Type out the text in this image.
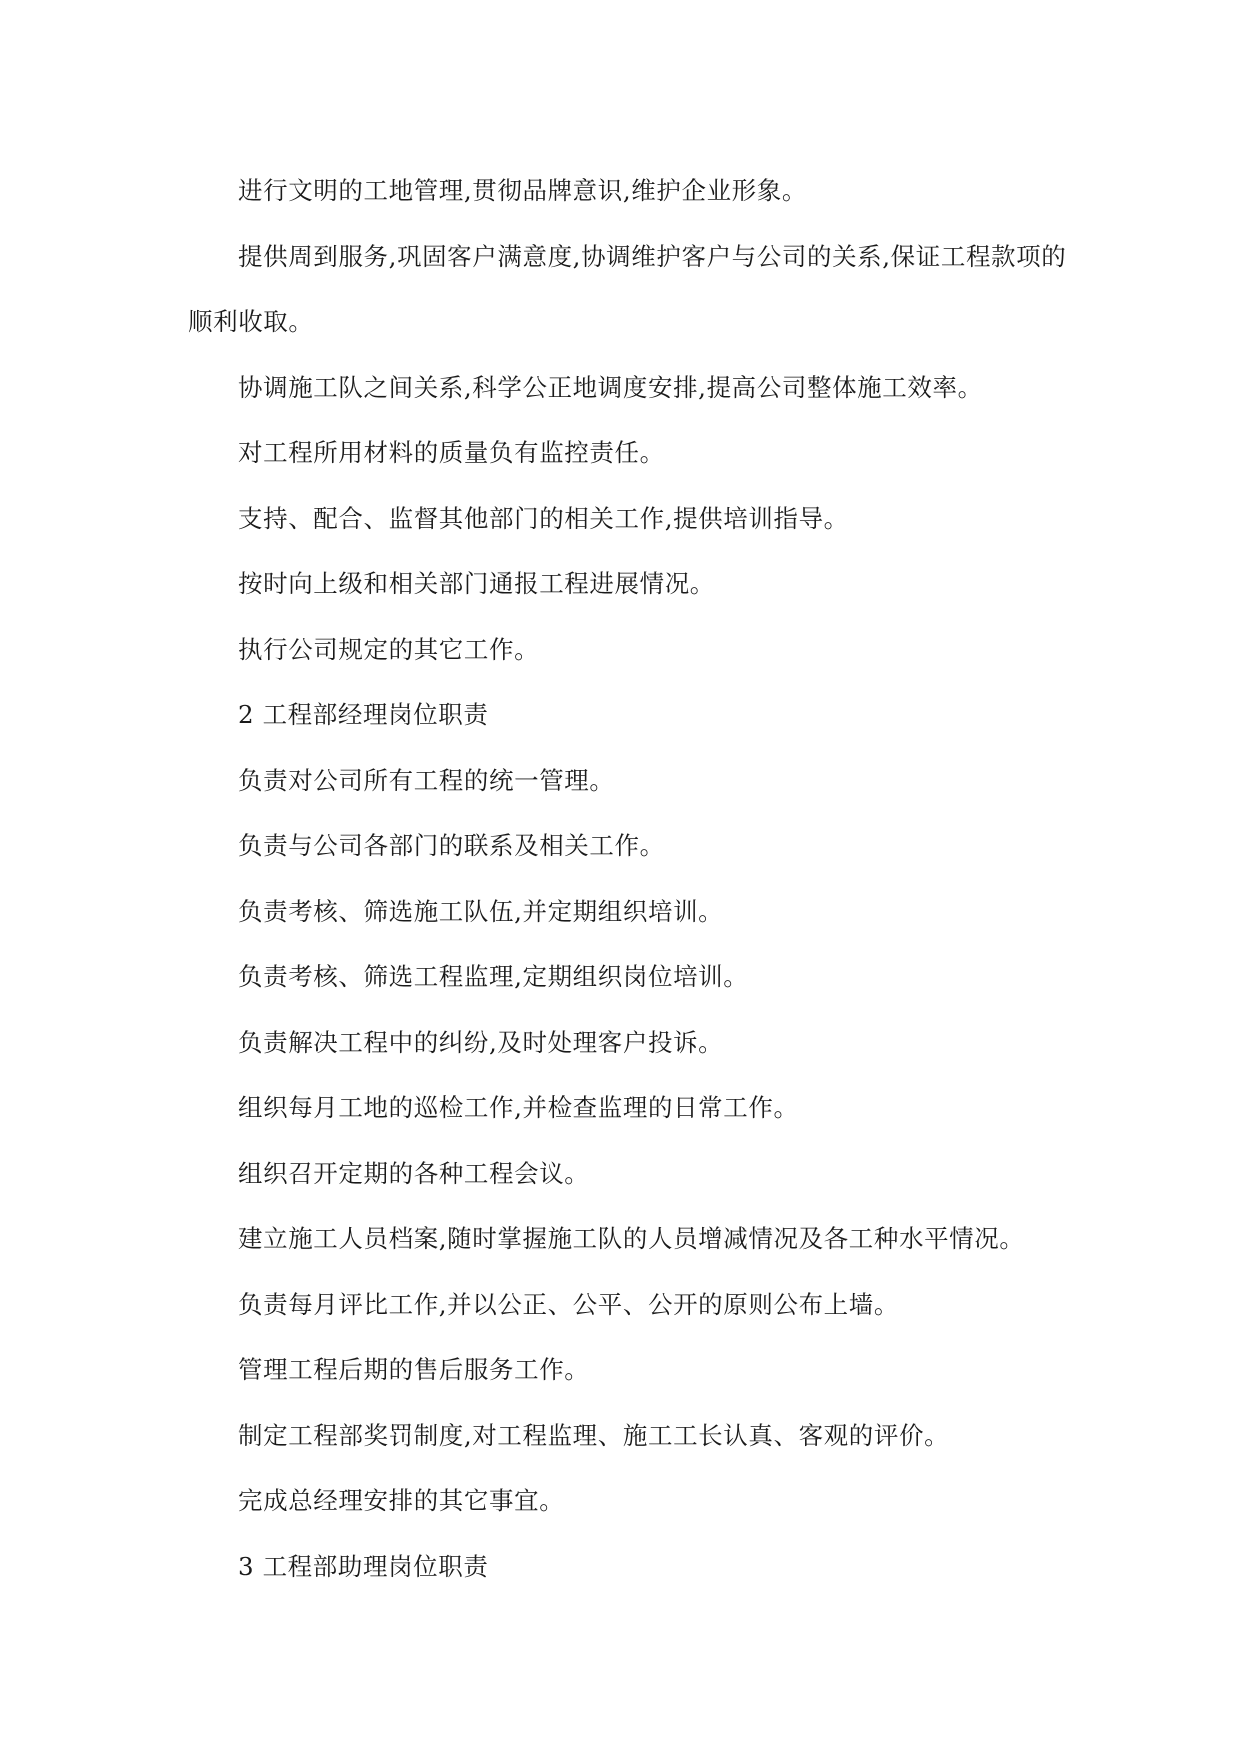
进行文明的工地管理,贯彻品牌意识,维护企业形象。

提供周到服务,巩固客户满意度,协调维护客户与公司的关系,保证工程款项的顺利收取。

协调施工队之间关系,科学公正地调度安排,提高公司整体施工效率。

对工程所用材料的质量负有监控责任。

支持、配合、监督其他部门的相关工作,提供培训指导。

按时向上级和相关部门通报工程进展情况。

执行公司规定的其它工作。

2 工程部经理岗位职责

负责对公司所有工程的统一管理。

负责与公司各部门的联系及相关工作。

负责考核、筛选施工队伍,并定期组织培训。

负责考核、筛选工程监理,定期组织岗位培训。

负责解决工程中的纠纷,及时处理客户投诉。

组织每月工地的巡检工作,并检查监理的日常工作。

组织召开定期的各种工程会议。

建立施工人员档案,随时掌握施工队的人员增减情况及各工种水平情况。

负责每月评比工作,并以公正、公平、公开的原则公布上墙。

管理工程后期的售后服务工作。

制定工程部奖罚制度,对工程监理、施工工长认真、客观的评价。

完成总经理安排的其它事宜。

3 工程部助理岗位职责
